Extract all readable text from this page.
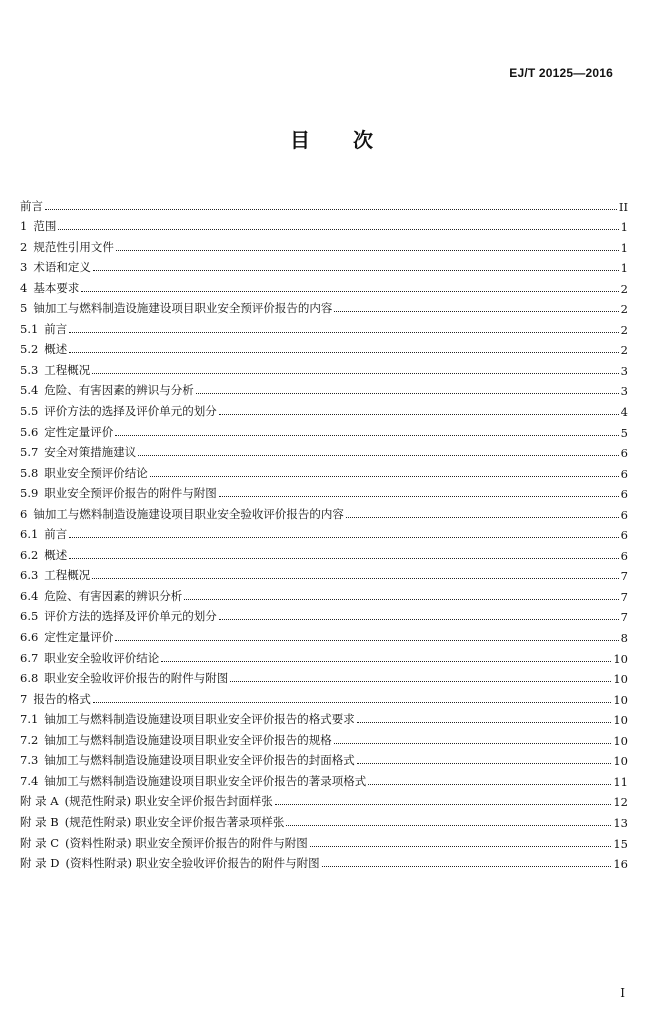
EJ/T 20125—2016
目 次
前言	II
1 范围	1
2 规范性引用文件	1
3 术语和定义	1
4 基本要求	2
5 铀加工与燃料制造设施建设项目职业安全预评价报告的内容	2
5.1 前言	2
5.2 概述	2
5.3 工程概况	3
5.4 危险、有害因素的辨识与分析	3
5.5 评价方法的选择及评价单元的划分	4
5.6 定性定量评价	5
5.7 安全对策措施建议	6
5.8 职业安全预评价结论	6
5.9 职业安全预评价报告的附件与附图	6
6 铀加工与燃料制造设施建设项目职业安全验收评价报告的内容	6
6.1 前言	6
6.2 概述	6
6.3 工程概况	7
6.4 危险、有害因素的辨识分析	7
6.5 评价方法的选择及评价单元的划分	7
6.6 定性定量评价	8
6.7 职业安全验收评价结论	10
6.8 职业安全验收评价报告的附件与附图	10
7 报告的格式	10
7.1 铀加工与燃料制造设施建设项目职业安全评价报告的格式要求	10
7.2 铀加工与燃料制造设施建设项目职业安全评价报告的规格	10
7.3 铀加工与燃料制造设施建设项目职业安全评价报告的封面格式	10
7.4 铀加工与燃料制造设施建设项目职业安全评价报告的著录项格式	11
附 录 A (规范性附录) 职业安全评价报告封面样张	12
附 录 B (规范性附录) 职业安全评价报告著录项样张	13
附 录 C (资料性附录) 职业安全预评价报告的附件与附图	15
附 录 D (资料性附录) 职业安全验收评价报告的附件与附图	16
I
